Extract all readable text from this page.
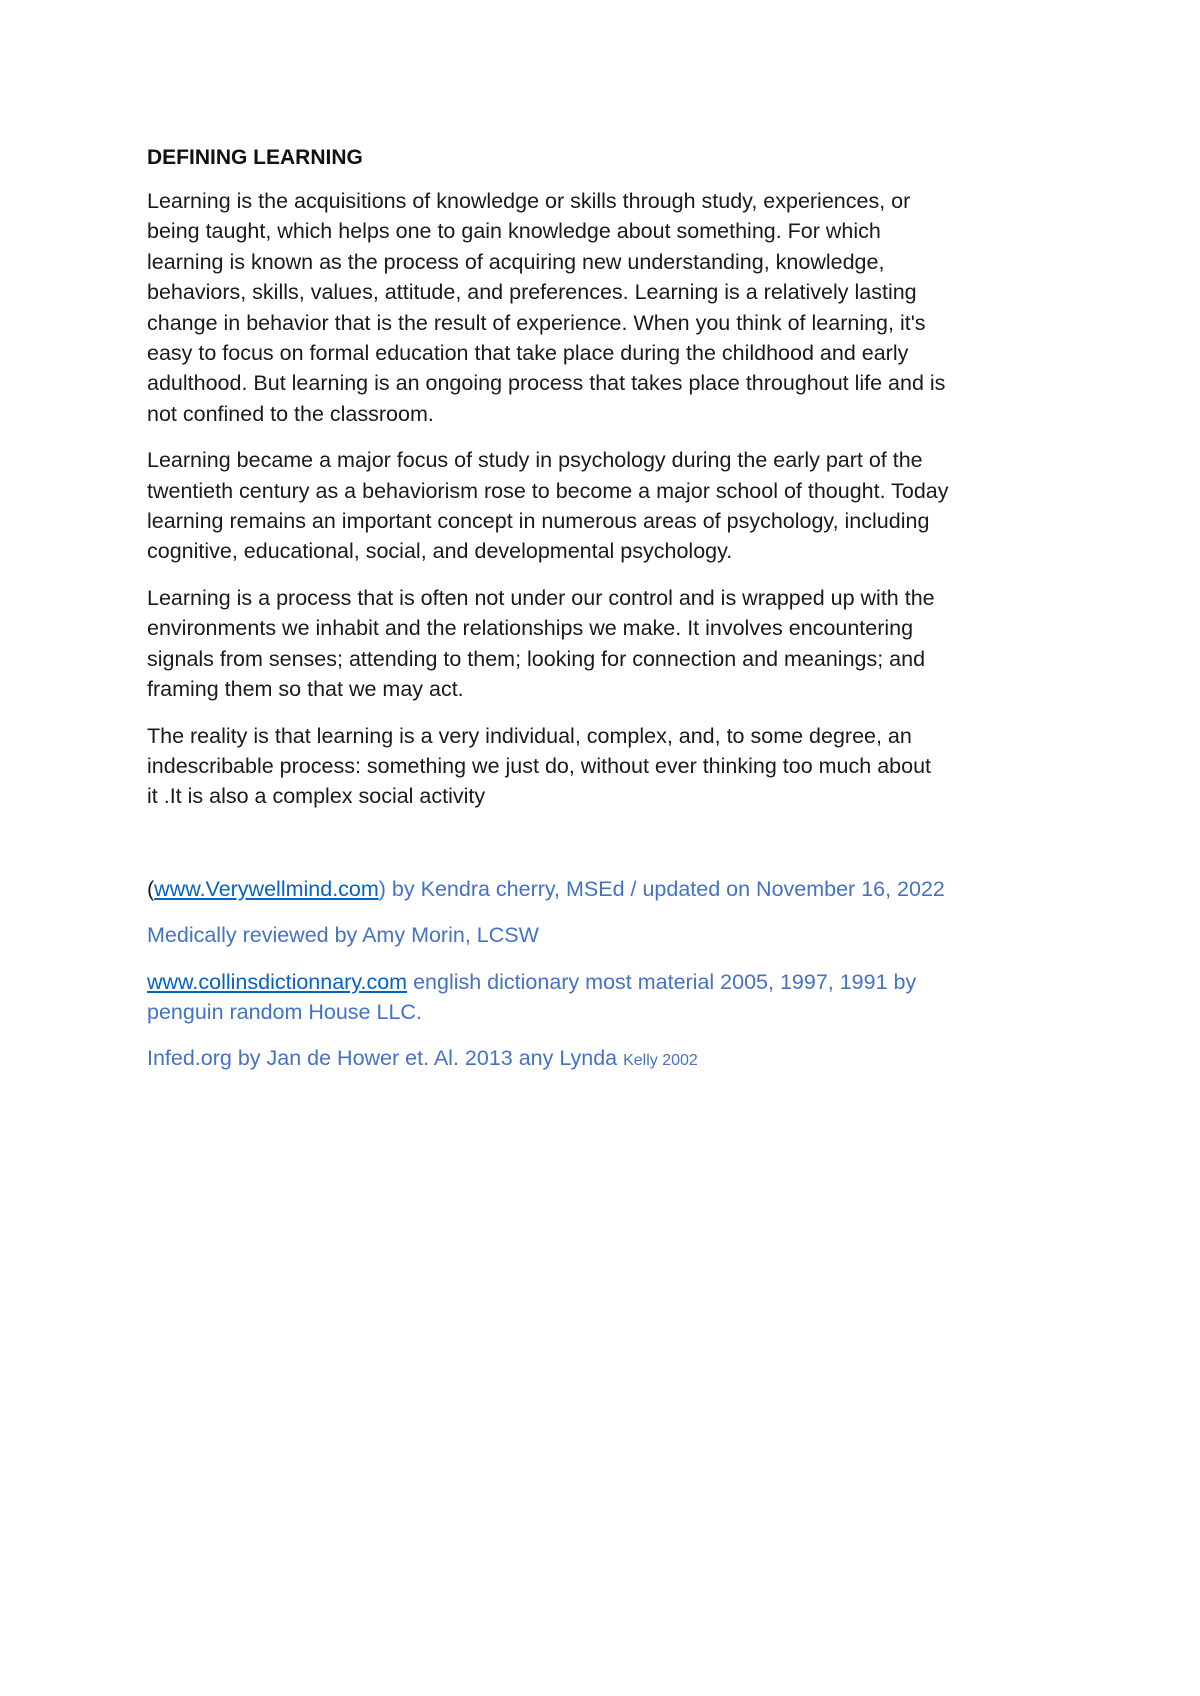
DEFINING LEARNING

Learning is the acquisitions of knowledge or skills through study, experiences, or
being taught, which helps one to gain knowledge about something. For which
learning is known as the process of acquiring new understanding, knowledge,
behaviors, skills, values, attitude, and preferences. Learning is a relatively lasting
change in behavior that is the result of experience. When you think of learning, it's
easy to focus on formal education that take place during the childhood and early
adulthood. But learning is an ongoing process that takes place throughout life and is
not confined to the classroom.

Learning became a major focus of study in psychology during the early part of the
twentieth century as a behaviorism rose to become a major school of thought. Today
learning remains an important concept in numerous areas of psychology, including
cognitive, educational, social, and developmental psychology.

Learning is a process that is often not under our control and is wrapped up with the
environments we inhabit and the relationships we make. It involves encountering
signals from senses; attending to them; looking for connection and meanings; and
framing them so that we may act.

The reality is that learning is a very individual, complex, and, to some degree, an
indescribable process: something we just do, without ever thinking too much about
it .It is also a complex social activity

(www.Verywellmind.com) by Kendra cherry, MSEd / updated on November 16, 2022

Medically reviewed by Amy Morin, LCSW

www.collinsdictionnary.com english dictionary most material 2005, 1997, 1991 by
penguin random House LLC.

Infed.org by Jan de Hower et. Al. 2013 any Lynda Kelly 2002
